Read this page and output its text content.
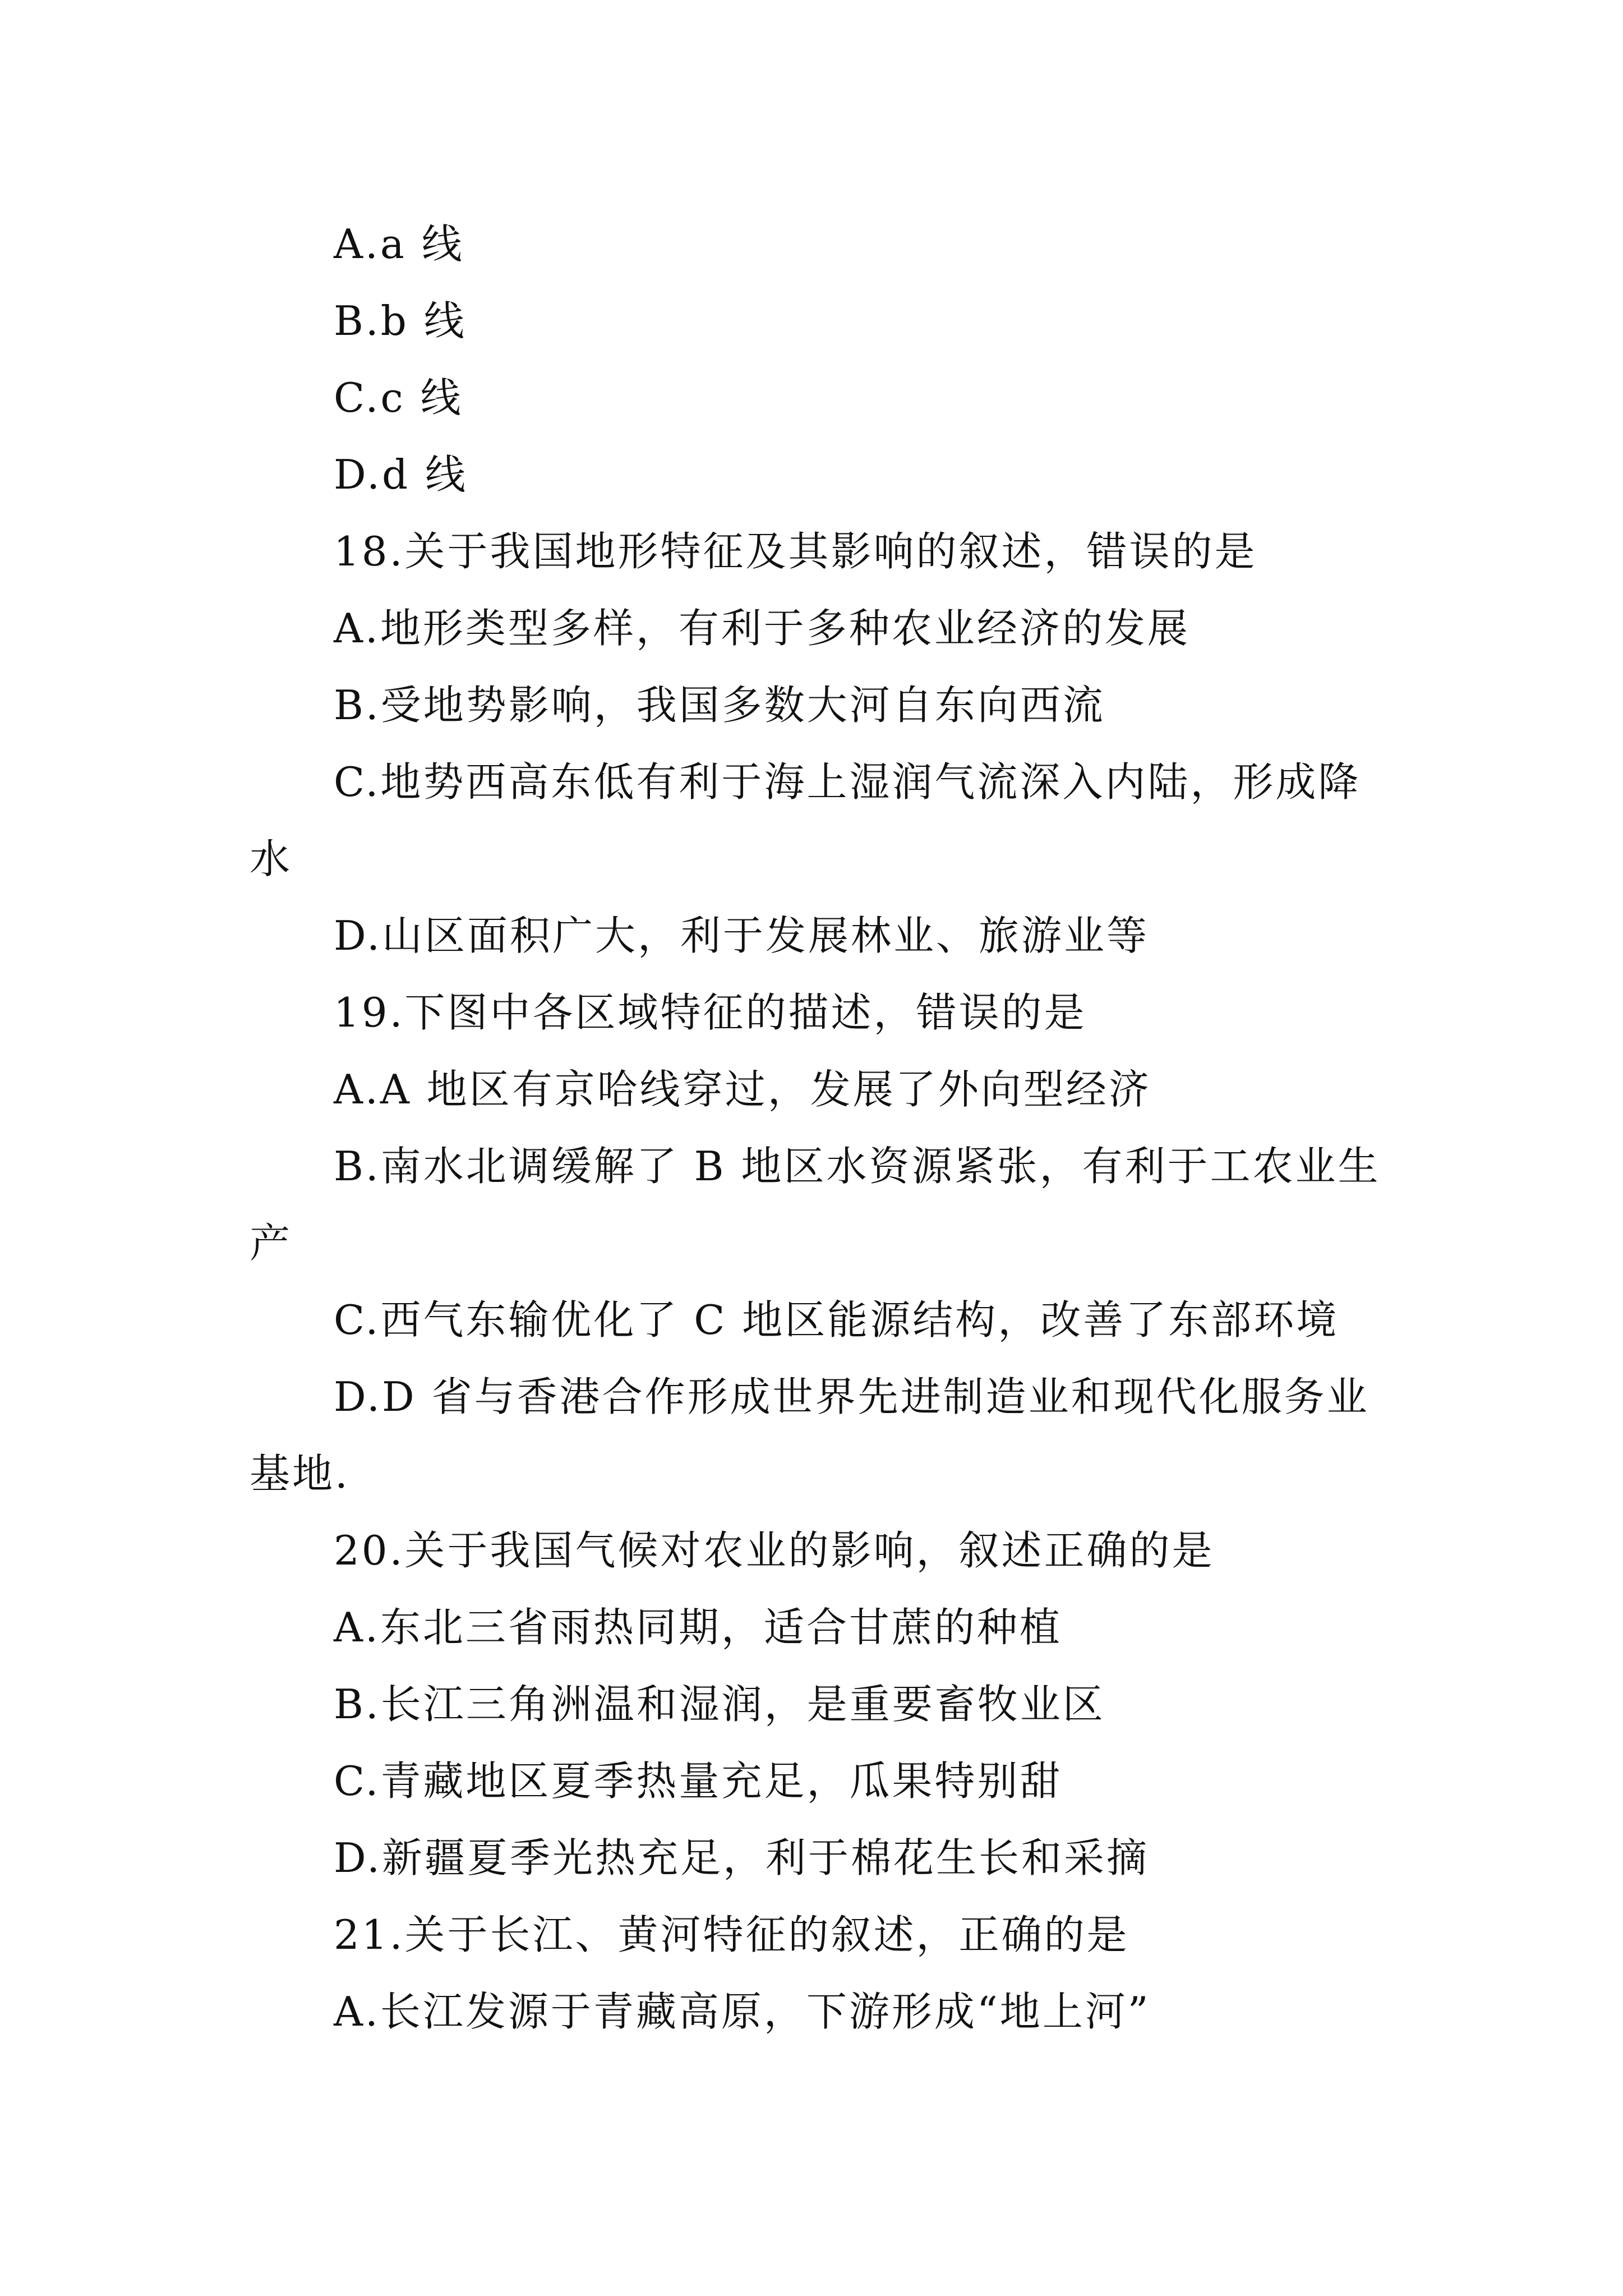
A.a 线
B.b 线
C.c 线
D.d 线
18.关于我国地形特征及其影响的叙述，错误的是
A.地形类型多样，有利于多种农业经济的发展
B.受地势影响，我国多数大河自东向西流
C.地势西高东低有利于海上湿润气流深入内陆，形成降
水
D.山区面积广大，利于发展林业、旅游业等
19.下图中各区域特征的描述，错误的是
A.A 地区有京哈线穿过，发展了外向型经济
B.南水北调缓解了 B 地区水资源紧张，有利于工农业生
产
C.西气东输优化了 C 地区能源结构，改善了东部环境
D.D 省与香港合作形成世界先进制造业和现代化服务业
基地.
20.关于我国气候对农业的影响，叙述正确的是
A.东北三省雨热同期，适合甘蔗的种植
B.长江三角洲温和湿润，是重要畜牧业区
C.青藏地区夏季热量充足，瓜果特别甜
D.新疆夏季光热充足，利于棉花生长和采摘
21.关于长江、黄河特征的叙述，正确的是
A.长江发源于青藏高原，下游形成“地上河”
